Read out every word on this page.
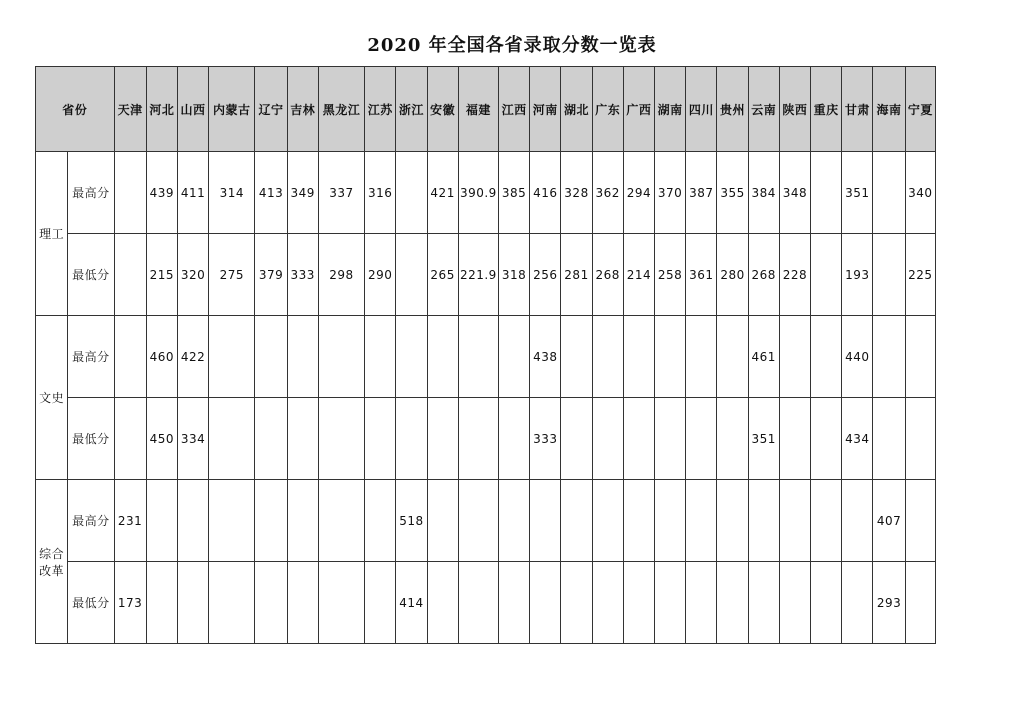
2020 年全国各省录取分数一览表
省份		天津	河北	山西	内蒙古	辽宁	吉林	黑龙江	江苏	浙江	安徽	福建	江西	河南	湖北	广东	广西	湖南	四川	贵州	云南	陕西	重庆	甘肃	海南	宁夏
理工	最高分		439	411	314	413	349	337	316		421	390.9	385	416	328	362	294	370	387	355	384	348		351		340
	最低分		215	320	275	379	333	298	290		265	221.9	318	256	281	268	214	258	361	280	268	228		193		225
文史	最高分		460	422										438							461			440		
	最低分		450	334										333							351			434		
综合
改革	最高分	231								518															407	
	最低分	173								414															293	
